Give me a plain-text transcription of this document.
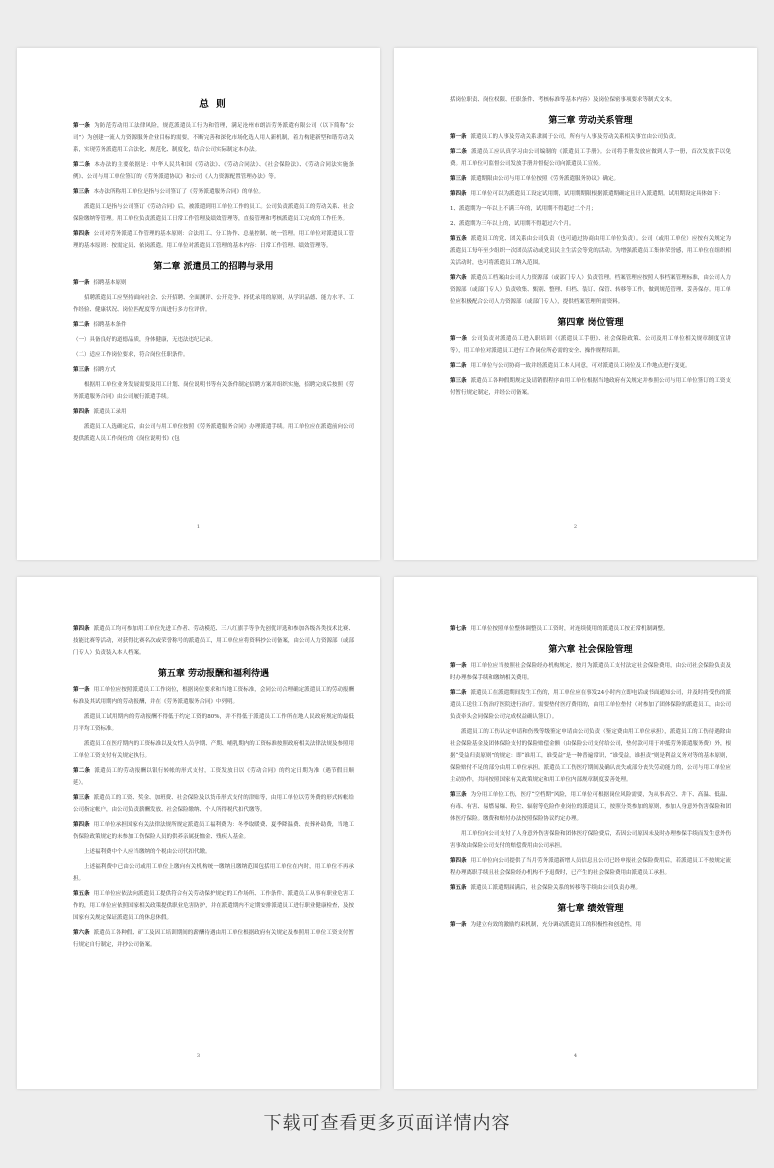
总 则

第一条 为防范劳动用工法律风险，规范派遣员工行为和管理，满足沧州市朗洁劳务派遣有限公司（以下简称“公司”）为创建一流人力资源服务企业目标的需要，不断完善和深化市场化选人用人新机制，着力构建新型和谐劳动关系，实现劳务派遣用工合法化、规范化、制度化，结合公司实际制定本办法。

第二条 本办法的主要依据是：中华人民共和国《劳动法》、《劳动合同法》、《社会保险法》、《劳动合同法实施条例》、公司与用工单位签订的《劳务派遣协议》和公司《人力资源配置管理办法》等。

第三条 本办法所称用工单位是指与公司签订了《劳务派遣服务合同》的单位。

派遣员工是指与公司签订《劳动合同》后，被派遣到用工单位工作的员工。公司负责派遣员工的劳动关系、社会保险缴纳等管理。用工单位负责派遣员工日常工作管理及绩效管理等，直接管理和考核派遣员工完成的工作任务。

第四条 公司对劳务派遣工作管理的基本原则：合法用工、分工协作、总量控制、统一管理。用工单位对派遣员工管理的基本原则：按需定员、依岗派遣。用工单位对派遣员工管理的基本内容：日常工作管理、绩效管理等。

第二章 派遣员工的招聘与录用

第一条 招聘基本原则

招聘派遣员工应坚持面向社会、公开招聘、全面测评、公开竞争、择优录用的原则，从学识品德、能力水平、工作经验、健康状况、岗位匹配度等方面进行多方位评价。

第二条 招聘基本条件

（一）具备良好的道德品质，身体健康，无违法违纪记录。

（二）适应工作岗位要求，符合岗位任职条件。

第三条 招聘方式

根据用工单位业务发展需要及用工计划、岗位说明书等有关条件制定招聘方案并组织实施，招聘完成后按照《劳务派遣服务合同》由公司履行派遣手续。

第四条 派遣员工录用

派遣员工人选确定后，由公司与用工单位按照《劳务派遣服务合同》办理派遣手续。用工单位应在派遣前向公司提供派遣人员工作岗位的《岗位说明书》(包

1

括岗位职责、岗位权限、任职条件、考核标准等基本内容）及岗位保密事项要求等制式文本。

第三章 劳动关系管理

第一条 派遣员工的人事及劳动关系隶属于公司，所有与人事及劳动关系相关事宜由公司负责。

第二条 派遣员工应认真学习由公司编制的《派遣员工手册》。公司将手册发放应做到人手一册，首次发放手以免费。用工单位可监督公司发放手册并督促公司向派遣员工宣传。

第三条 派遣期限由公司与用工单位按照《劳务派遣服务协议》确定。

第四条 用工单位可以为派遣员工设定试用期，试用期期限根据派遣期确定且计入派遣期。试用期设定具体如下：

1、派遣期为一年以上不满三年的，试用期不得超过二个月；

2、派遣期为三年以上的，试用期不得超过六个月。

第五条 派遣员工的党、团关系由公司负责（也可通过协商由用工单位负责）。公司（或用工单位）应按有关规定为派遣员工每年至少组织一次团员活动或党员民主生活会等党的活动。为增强派遣员工集体荣誉感，用工单位在组织相关活动时，也可将派遣员工纳入范围。

第六条 派遣员工档案由公司人力资源部（或部门专人）负责管理。档案管理应按照人事档案管理标准，由公司人力资源部（或部门专人）负责收集、甄别、整理、归档、装订、保管、转移等工作，做到规范管理、妥善保存。用工单位应积极配合公司人力资源部（或部门专人），提供档案管理所需资料。

第四章 岗位管理

第一条 公司负责对派遣员工进入职培训（《派遣员工手册》、社会保险政策、公司及用工单位相关规章制度宣讲等），用工单位对派遣员工进行工作岗位所必需的安全、操作规程培训。

第二条 用工单位与公司协商一致并经派遣员工本人同意，可对派遣员工岗位及工作地点进行变更。

第三条 派遣员工各种假期规定及请销假程序由用工单位根据当地政府有关规定并参照公司与用工单位签订的工资支付暂行规定制定，并经公司备案。

2

第四条 派遣员工均可参加用工单位先进工作者、劳动模范、三八红旗手等争先创优评选和参加各级各类技术比赛、技能比赛等活动，对获得比赛名次或荣誉称号的派遣员工，用工单位应将资料抄公司备案，由公司人力资源部（或部门专人）负责装入本人档案。

第五章 劳动报酬和福利待遇

第一条 用工单位应按照派遣员工工作岗位，根据岗位要求和当地工资标准，会同公司合理确定派遣员工的劳动报酬标准及其试用期内的劳动报酬，并在《劳务派遣服务合同》中列明。

派遣员工试用期内的劳动报酬不得低于约定工资的80%，并不得低于派遣员工工作所在地人民政府规定的最低月平均工资标准。

派遣员工在医疗期内的工资标准以及女性人员孕期、产期、哺乳期内的工资标准按照政府相关法律法规及参照用工单位工资支付有关规定执行。

第二条 派遣员工的劳动报酬以银行转帐的形式支付，工资发放日以《劳动合同》的约定日期为准（遇节假日顺延）。

第三条 派遣员工的工资、奖金、加班费、社会保险及以货币形式支付的津贴等，由用工单位以劳务费的形式转帐给公司指定帐户，由公司负责薪酬发放、社会保险缴纳、个人所得税代扣代缴等。

第四条 用工单位承担国家有关法律法规所规定派遣员工福利费为：冬季取暖费、夏季降温费、丧葬补助费，当地工伤保险政策规定的未参加工伤保险人员的供养亲属抚恤金、残疾人基金。

上述福利费中个人应当缴纳的个税由公司代扣代缴。

上述福利费中已由公司或用工单位上缴向有关机构统一缴纳且缴纳范围包括用工单位在内时，用工单位不再承担。

第五条 用工单位应依法向派遣员工提供符合有关劳动保护规定的工作场所、工作条件、派遣员工从事有职业危害工作的，用工单位应依照国家相关政策提供职业危害防护，并在派遣期内不定期安排派遣员工进行职业健康检查，及按国家有关规定保证派遣员工的休息休假。

第六条 派遣员工各种假、矿工及因工培训期间的薪酬待遇由用工单位根据政府有关规定及参照用工单位工资支付暂行规定自行制定，并抄公司备案。

3

第七条 用工单位按照单位整体调整员工工资时，对连续使用的派遣员工按正常机制调整。

第六章 社会保险管理

第一条 用工单位应当按照社会保险经办机构规定，按月为派遣员工支付法定社会保险费用，由公司社会保险负责及时办理参保手续和缴纳相关费用。

第二条 派遣员工在派遣期间发生工伤的，用工单位应在事发24小时内立即电话或书面通知公司，并及时将受伤的派遣员工送往工伤治疗医院进行治疗。需要垫付医疗费用的，由用工单位垫付（对参加了团体保险的派遣员工，由公司负责牵头会同保险公司完成权益确认签订）。

派遣员工的工伤认定申请和伤残等级鉴定申请由公司负责（鉴定费由用工单位承担），派遣员工的工伤待遇除由社会保险基金及团体保险支付的保险赔偿金额（由保险公司支付给公司，垫付款可用于冲抵劳务派遣服务费）外，根据“受益归责原则”的规定：即“谁用工，谁受益”是一种普遍常识，“谁受益，谁担责”则是利益义务对等的基本原则，保险赔付不足的部分由用工单位承担。派遣员工工伤医疗期间及确认丧失或部分丧失劳动能力的，公司与用工单位应主动协作，共同按照国家有关政策规定和用工单位内部规章制度妥善处理。

第三条 为分用工单位工伤，医疗“空档期”风险，用工单位可根据岗位风险需要，为从事高空、井下、高温、低温、有毒、有害、易燃易爆、粉尘、辐射等危险作业岗位的派遣员工，按照分类参加的原则，参加人身意外伤害保险和团体医疗保险。缴费和赔付办法按照保险协议约定办理。

用工单位向公司支付了人身意外伤害保险和团体医疗保险费后，若因公司原因未及时办理参保手续而发生意外伤害事故由保险公司支付的赔偿费用由公司承担。

第四条 用工单位向公司提供了当月劳务派遣新增人员信息且公司已经申报社会保险费用后，若派遣员工不按规定流程办理离职手续且社会保险经办机构不予退费时，已产生的社会保险费用由派遣员工承担。

第五条 派遣员工派遣期届满后，社会保险关系的转移等手续由公司负责办理。

第七章 绩效管理

第一条 为建立有效的激励约束机制，充分调动派遣员工的积极性和创造性，用

4
下载可查看更多页面详情内容
